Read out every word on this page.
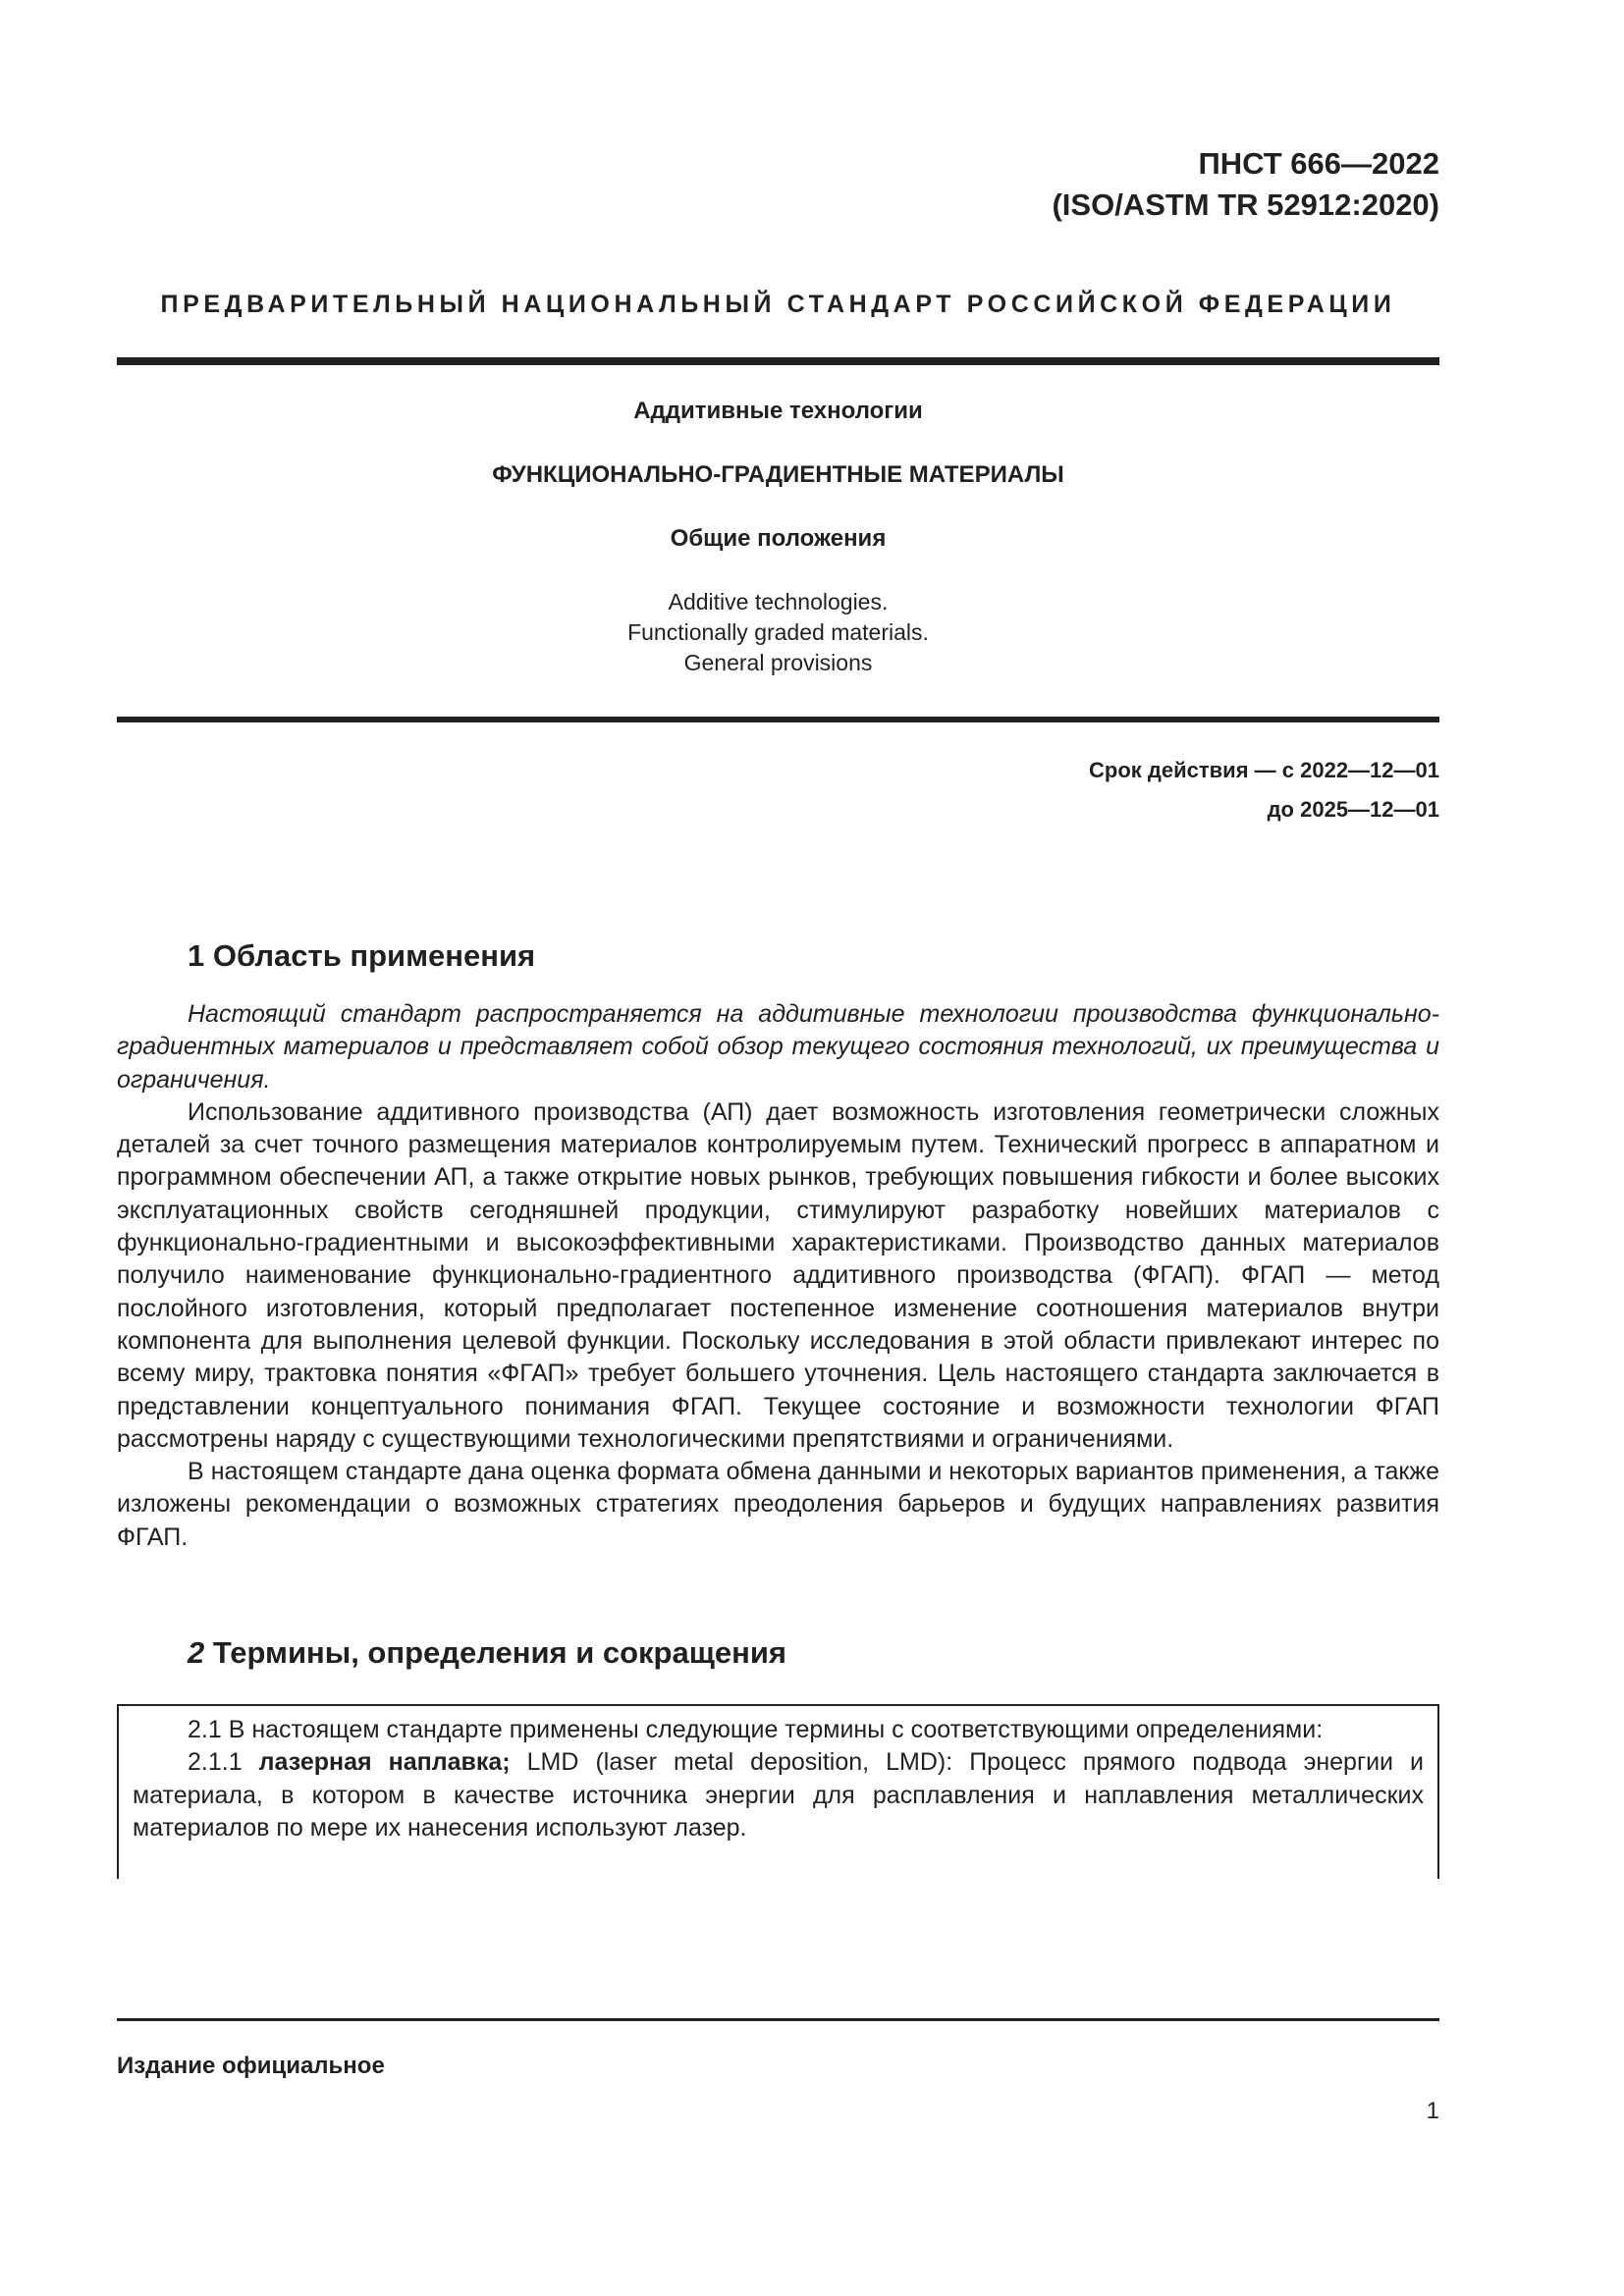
ПНСТ 666—2022
(ISO/ASTM TR 52912:2020)
ПРЕДВАРИТЕЛЬНЫЙ НАЦИОНАЛЬНЫЙ СТАНДАРТ РОССИЙСКОЙ ФЕДЕРАЦИИ
Аддитивные технологии
ФУНКЦИОНАЛЬНО-ГРАДИЕНТНЫЕ МАТЕРИАЛЫ
Общие положения
Additive technologies.
Functionally graded materials.
General provisions
Срок действия — с 2022—12—01
до 2025—12—01
1 Область применения

Настоящий стандарт распространяется на аддитивные технологии производства функционально-градиентных материалов и представляет собой обзор текущего состояния технологий, их преимущества и ограничения.

Использование аддитивного производства (АП) дает возможность изготовления геометрически сложных деталей за счет точного размещения материалов контролируемым путем. Технический прогресс в аппаратном и программном обеспечении АП, а также открытие новых рынков, требующих повышения гибкости и более высоких эксплуатационных свойств сегодняшней продукции, стимулируют разработку новейших материалов с функционально-градиентными и высокоэффективными характеристиками. Производство данных материалов получило наименование функционально-градиентного аддитивного производства (ФГАП). ФГАП — метод послойного изготовления, который предполагает постепенное изменение соотношения материалов внутри компонента для выполнения целевой функции. Поскольку исследования в этой области привлекают интерес по всему миру, трактовка понятия «ФГАП» требует большего уточнения. Цель настоящего стандарта заключается в представлении концептуального понимания ФГАП. Текущее состояние и возможности технологии ФГАП рассмотрены наряду с существующими технологическими препятствиями и ограничениями.

В настоящем стандарте дана оценка формата обмена данными и некоторых вариантов применения, а также изложены рекомендации о возможных стратегиях преодоления барьеров и будущих направлениях развития ФГАП.

2 Термины, определения и сокращения

2.1 В настоящем стандарте применены следующие термины с соответствующими определениями:

2.1.1 лазерная наплавка; LMD (laser metal deposition, LMD): Процесс прямого подвода энергии и материала, в котором в качестве источника энергии для расплавления и наплавления металлических материалов по мере их нанесения используют лазер.

Издание официальное
1
